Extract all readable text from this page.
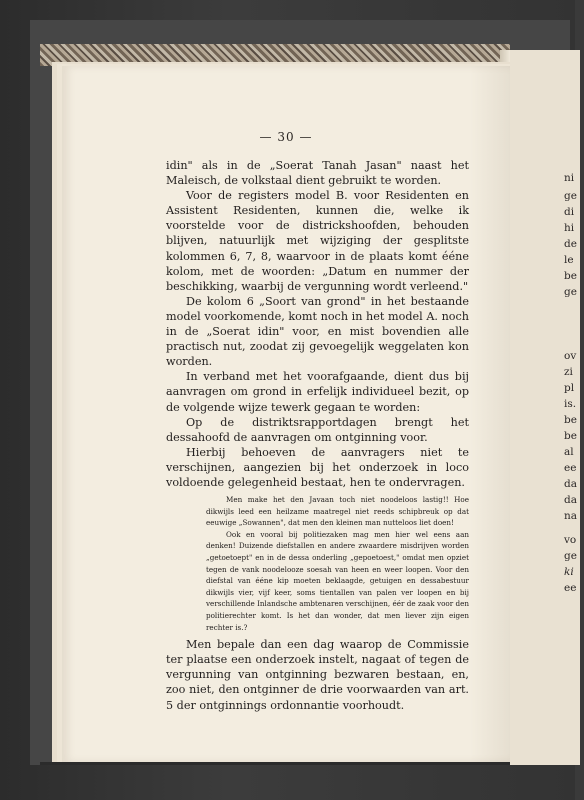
— 30 —

idin" als in de „Soerat Tanah Jasan" naast het Maleisch, de volkstaal dient gebruikt te worden.

Voor de registers model B. voor Residenten en Assistent Residenten, kunnen die, welke ik voorstelde voor de districkshoofden, behouden blijven, natuurlijk met wijziging der gesplitste kolommen 6, 7, 8, waarvoor in de plaats komt ééne kolom, met de woorden: „Datum en nummer der beschikking, waarbij de vergunning wordt verleend."

De kolom 6 „Soort van grond" in het bestaande model voorkomende, komt noch in het model A. noch in de „Soerat idin" voor, en mist bovendien alle practisch nut, zoodat zij gevoegelijk weggelaten kon worden.

In verband met het voorafgaande, dient dus bij aanvragen om grond in erfelijk individueel bezit, op de volgende wijze tewerk gegaan te worden:

Op de distriktsrapportdagen brengt het dessahoofd de aanvragen om ontginning voor.

Hierbij behoeven de aanvragers niet te verschijnen, aangezien bij het onderzoek in loco voldoende gelegenheid bestaat, hen te ondervragen.

Men make het den Javaan toch niet noodeloos lastig!! Hoe dikwijls leed een heilzame maatregel niet reeds schipbreuk op dat eeuwige „Sowannen", dat men den kleinen man nutteloos liet doen!

Ook en vooral bij politiezaken mag men hier wel eens aan denken! Duizende diefstallen en andere zwaardere misdrijven worden „getoetoept" en in de dessa onderling „gepoetoest," omdat men opziet tegen de vank noodelooze soesah van heen en weer loopen. Voor den diefstal van ééne kip moeten beklaagde, getuigen en dessabestuur dikwijls vier, vijf keer, soms tientallen van palen ver loopen en bij verschillende Inlandsche ambtenaren verschijnen, éér de zaak voor den politierechter komt. Is het dan wonder, dat men liever zijn eigen rechter is.?

Men bepale dan een dag waarop de Commissie ter plaatse een onderzoek instelt, nagaat of tegen de vergunning van ontginning bezwaren bestaan, en, zoo niet, den ontginner de drie voorwaarden van art. 5 der ontginnings ordonnantie voorhoudt.

ni
ge
di
hi
de
le
be
ge
ov
zi
pl
is.
be
be
al
ee
da
da
na
vo
ge
ki
ee
